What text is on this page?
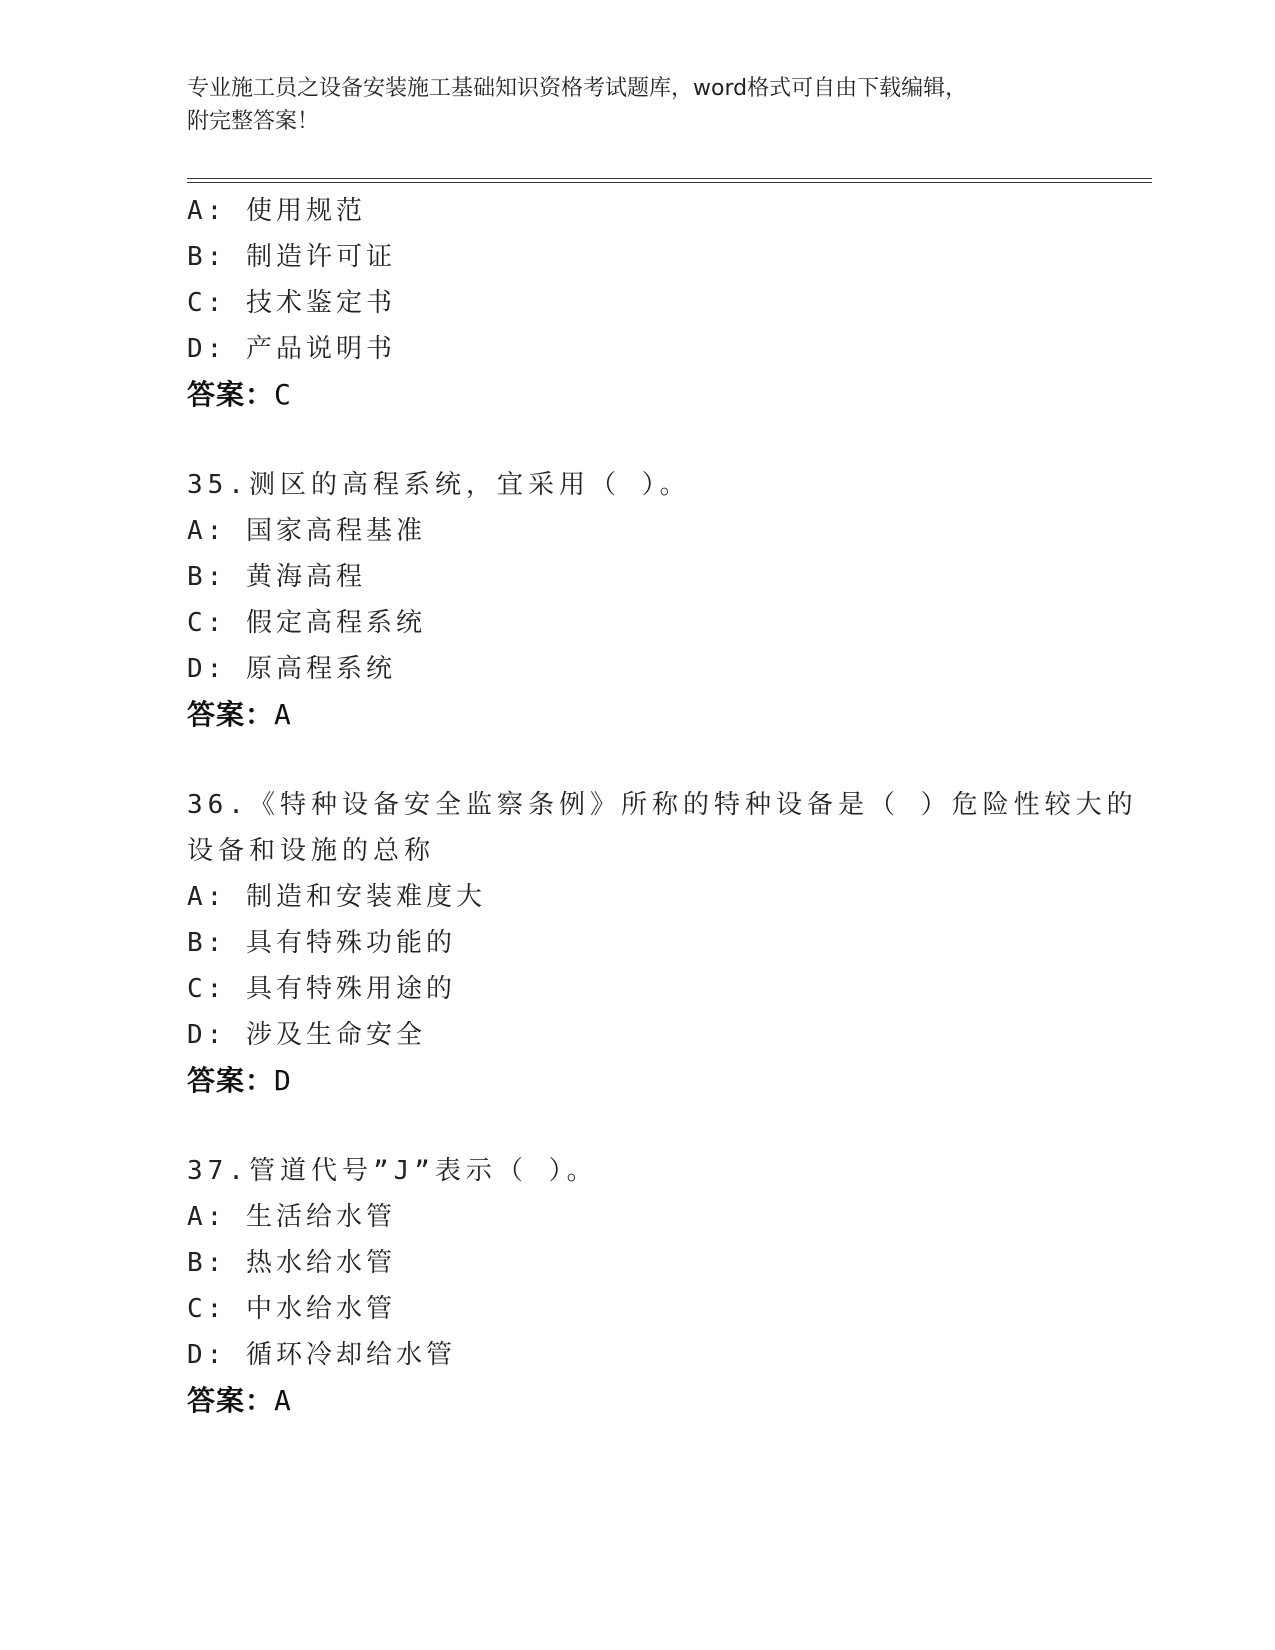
专业施工员之设备安装施工基础知识资格考试题库，word格式可自由下载编辑，
附完整答案！
A: 使用规范
B: 制造许可证
C: 技术鉴定书
D: 产品说明书
答案：C
35.测区的高程系统，宜采用（ ）。
A: 国家高程基准
B: 黄海高程
C: 假定高程系统
D: 原高程系统
答案：A
36.《特种设备安全监察条例》所称的特种设备是（ ）危险性较大的
设备和设施的总称
A: 制造和安装难度大
B: 具有特殊功能的
C: 具有特殊用途的
D: 涉及生命安全
答案：D
37.管道代号”J”表示（ ）。
A: 生活给水管
B: 热水给水管
C: 中水给水管
D: 循环冷却给水管
答案：A
